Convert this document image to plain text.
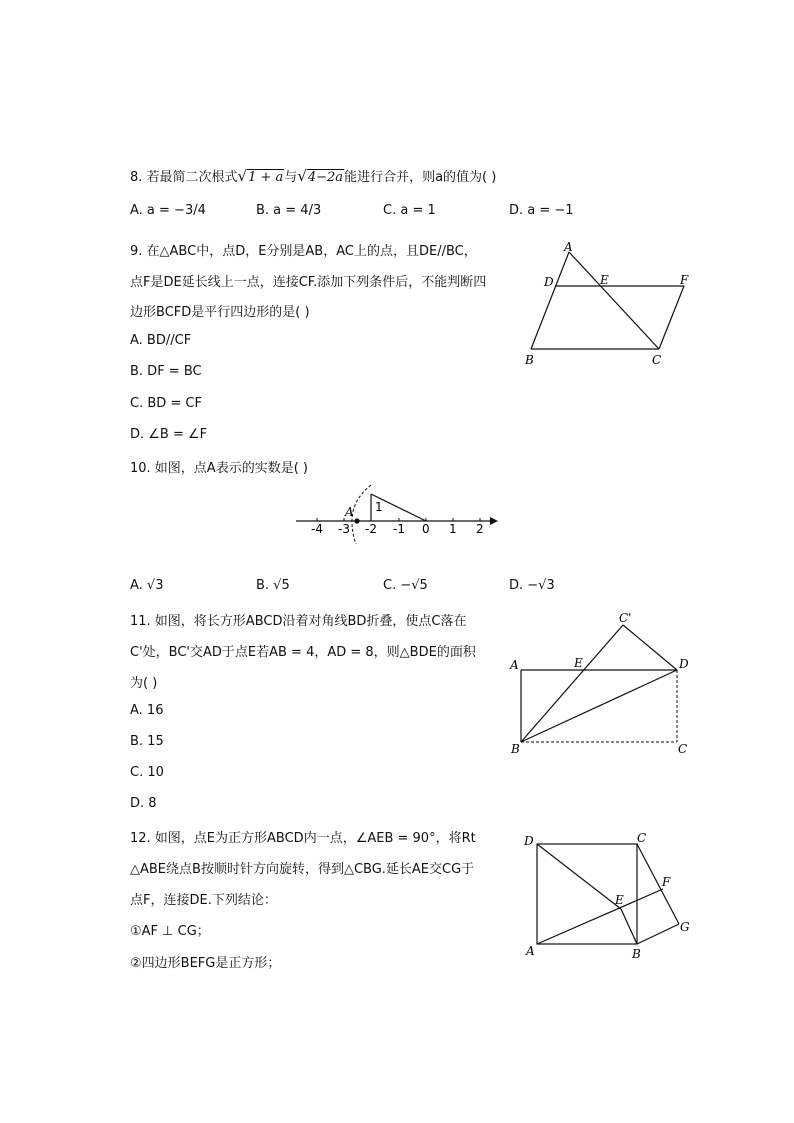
8. 若最简二次根式√1 + a与√4−2a能进行合并，则a的值为( )
A. a = −3/4	B. a = 4/3	C. a = 1	D. a = −1
9. 在△ABC中，点D，E分别是AB，AC上的点，且DE//BC，
点F是DE延长线上一点，连接CF.添加下列条件后，不能判断四
边形BCFD是平行四边形的是( )
A. BD//CF
B. DF = BC
C. BD = CF
D. ∠B = ∠F
A
D	E	F
B	C
10. 如图，点A表示的实数是( )
-4 -3 -2 -1 0 1 2
A 1
A. √3	B. √5	C. −√5	D. −√3
11. 如图，将长方形ABCD沿着对角线BD折叠，使点C落在
C'处，BC'交AD于点E若AB = 4，AD = 8，则△BDE的面积
为( )
A. 16
B. 15
C. 10
D. 8
C'
A	E	D
B	C
12. 如图，点E为正方形ABCD内一点，∠AEB = 90°，将Rt
△ABE绕点B按顺时针方向旋转，得到△CBG.延长AE交CG于
点F，连接DE.下列结论：
①AF ⊥ CG；
②四边形BEFG是正方形；
D	C
F
E
G
A	B
